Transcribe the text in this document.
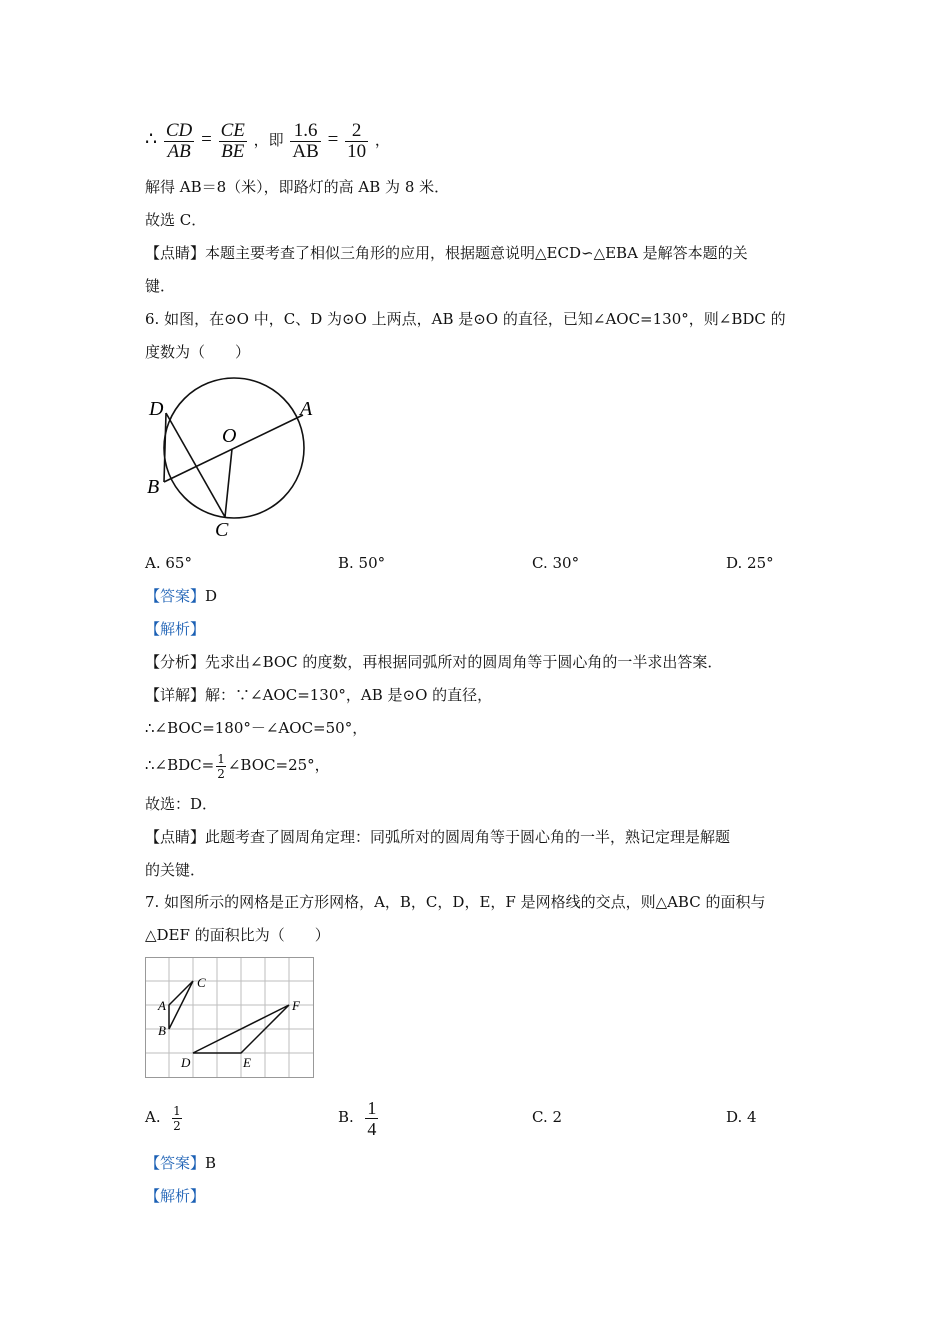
∴ $\frac{CD}{AB} = \frac{CE}{BE}$ ，即 $\frac{1.6}{AB} = \frac{2}{10}$ ，
解得 AB＝8（米），即路灯的高 AB 为 8 米．
故选 C．
【点睛】本题主要考查了相似三角形的应用，根据题意说明△ECD∽△EBA 是解答本题的关
键．
6. 如图，在⊙O 中，C、D 为⊙O 上两点，AB 是⊙O 的直径，已知∠AOC=130°，则∠BDC 的
度数为（　　）
D	A
O
B
C
A. 65°	B. 50°	C. 30°	D. 25°
【答案】D
【解析】
【分析】先求出∠BOC 的度数，再根据同弧所对的圆周角等于圆心角的一半求出答案．
【详解】解：∵∠AOC=130°，AB 是⊙O 的直径，
∴∠BOC=180°－∠AOC=50°，
∴∠BDC= $\frac{1}{2}$ ∠BOC=25°，
故选：D．
【点睛】此题考查了圆周角定理：同弧所对的圆周角等于圆心角的一半，熟记定理是解题
的关键．
7. 如图所示的网格是正方形网格，A，B，C，D，E，F 是网格线的交点，则△ABC 的面积与
△DEF 的面积比为（　　）
A
B
C
D	E
F
A. $\frac{1}{2}$	B. $\frac{1}{4}$	C. 2	D. 4
【答案】B
【解析】
